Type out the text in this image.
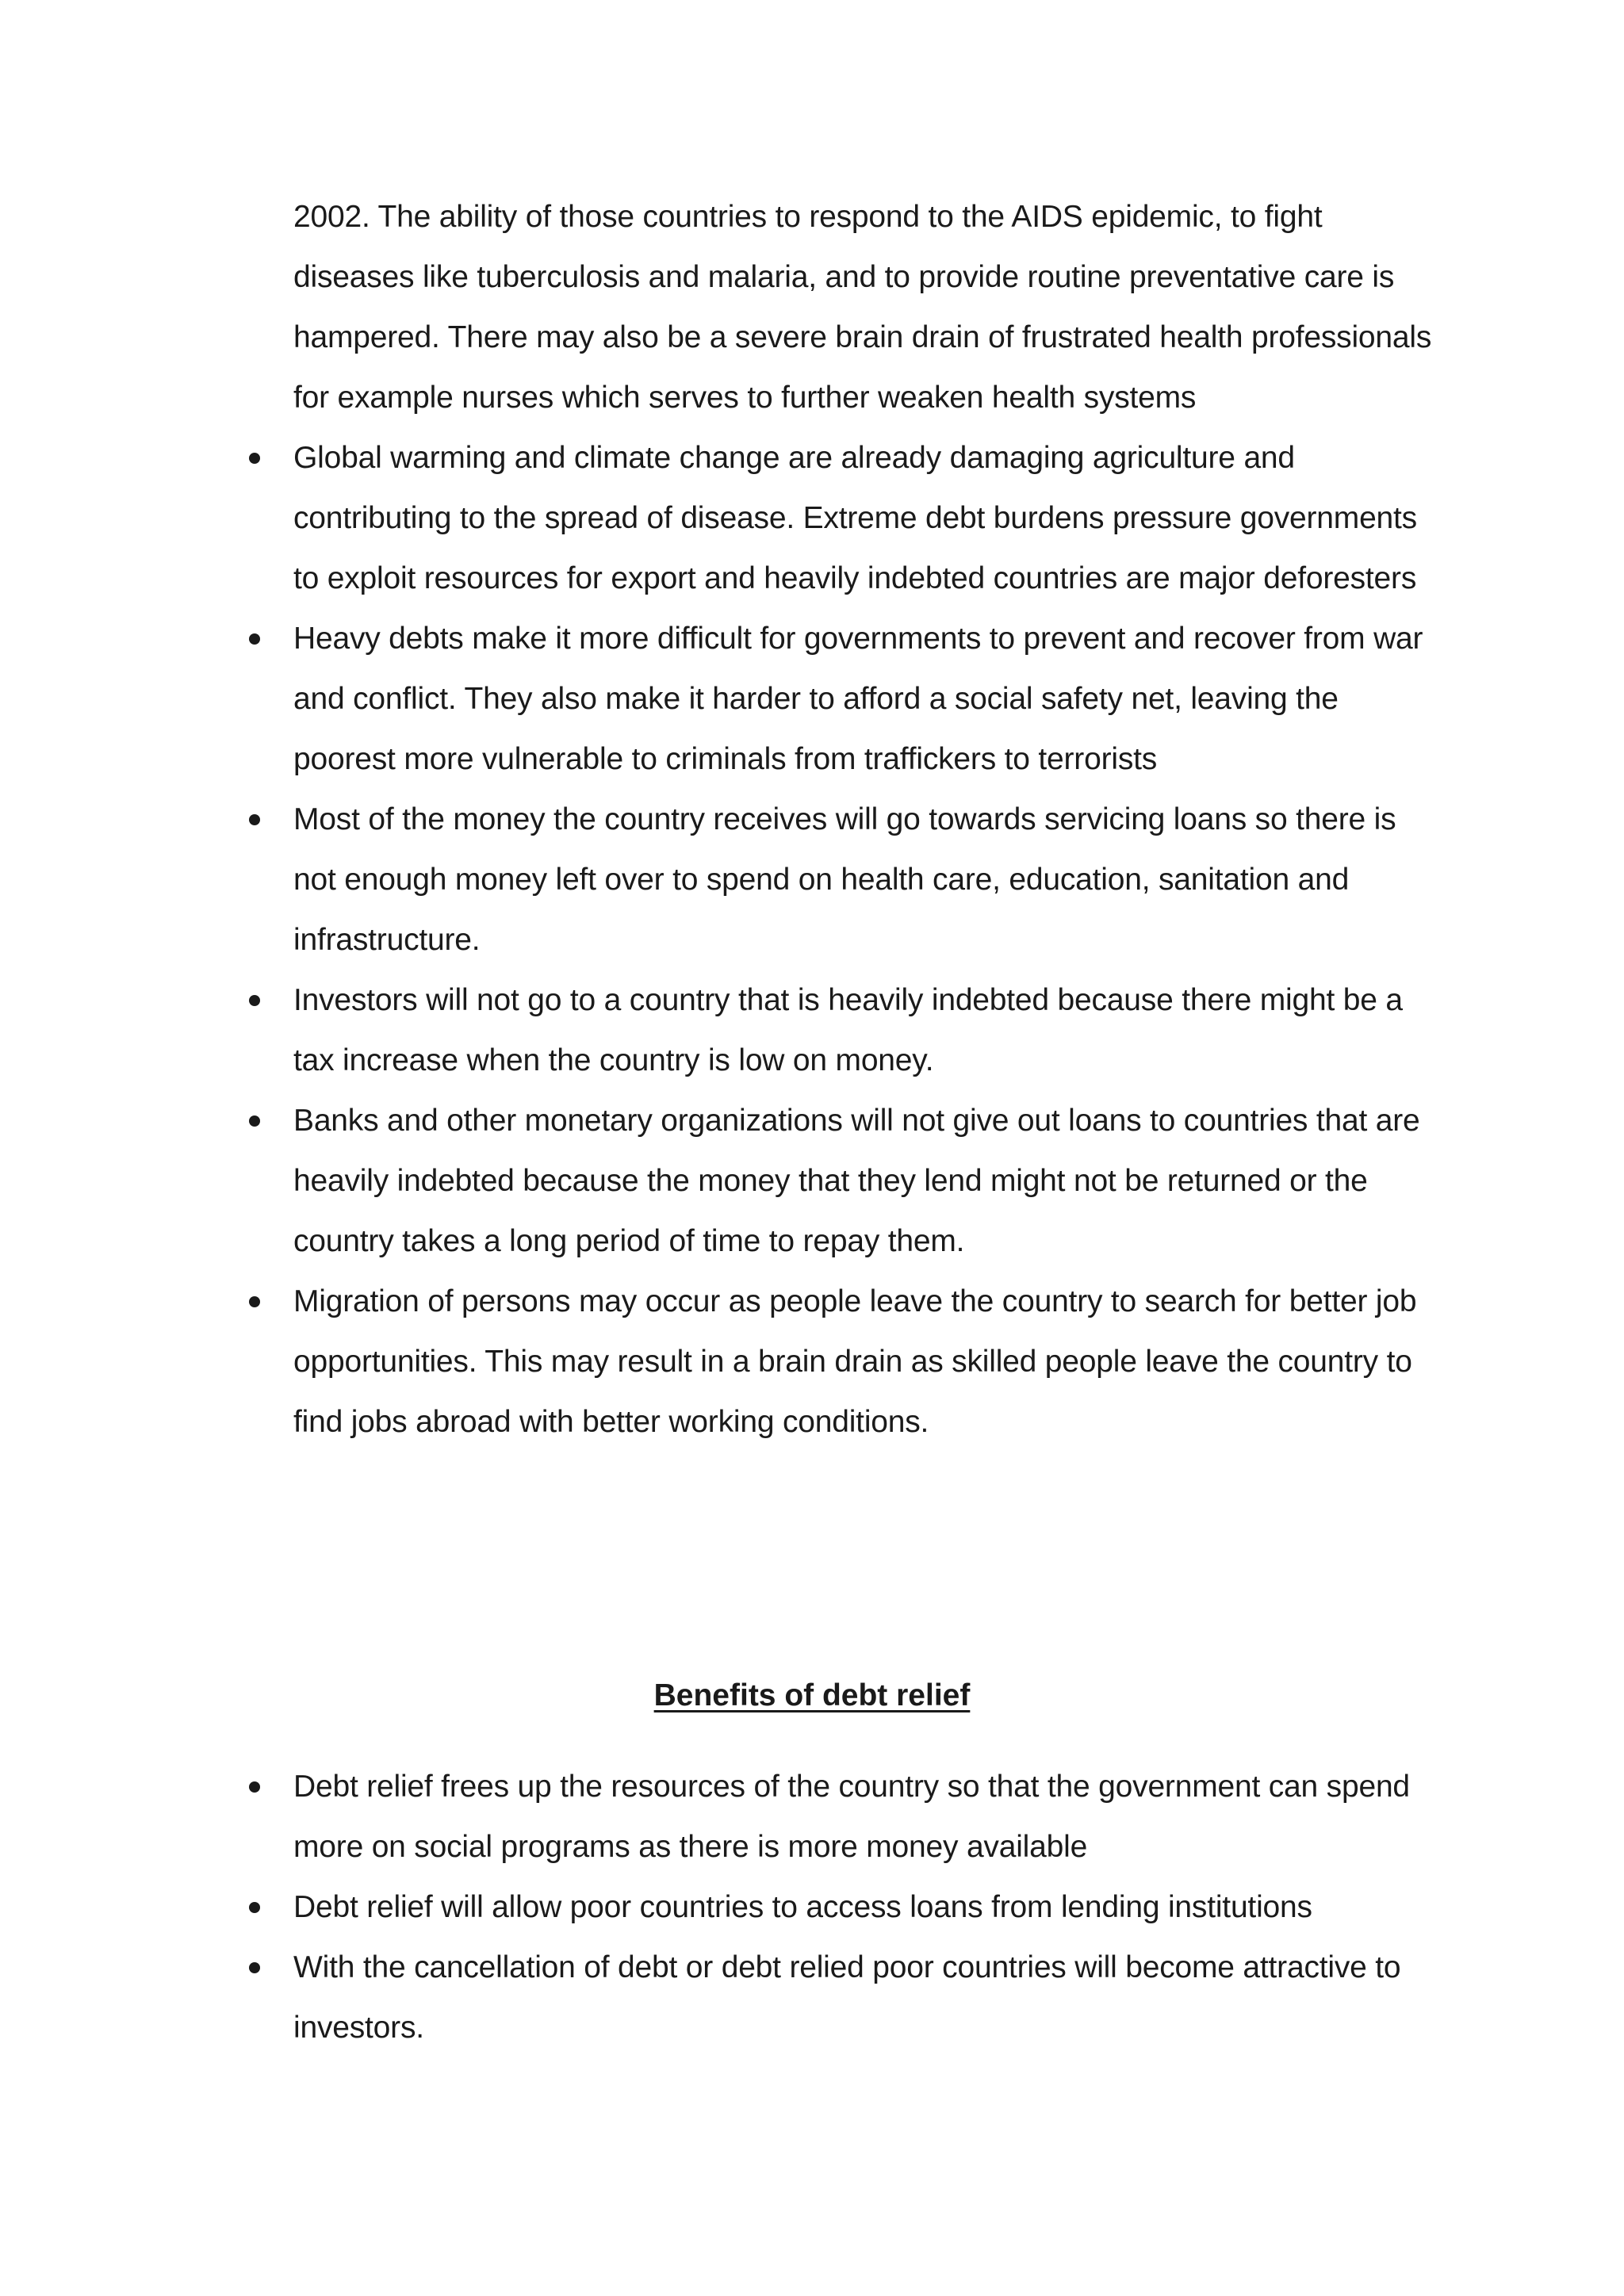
2002. The ability of those countries to respond to the AIDS epidemic, to fight diseases like tuberculosis and malaria, and to provide routine preventative care is hampered. There may also be a severe brain drain of frustrated health professionals for example nurses which serves to further weaken health systems

Global warming and climate change are already damaging agriculture and contributing to the spread of disease. Extreme debt burdens pressure governments to exploit resources for export and heavily indebted countries are major deforesters
Heavy debts make it more difficult for governments to prevent and recover from war and conflict. They also make it harder to afford a social safety net, leaving the poorest more vulnerable to criminals from traffickers to terrorists
Most of the money the country receives will go towards servicing loans so there is not enough money left over to spend on health care, education, sanitation and infrastructure.
Investors will not go to a country that is heavily indebted because there might be a tax increase when the country is low on money.
Banks and other monetary organizations will not give out loans to countries that are heavily indebted because the money that they lend might not be returned or the country takes a long period of time to repay them.
Migration of persons may occur as people leave the country to search for better job opportunities. This may result in a brain drain as skilled people leave the country to find jobs abroad with better working conditions.
Benefits of debt relief
Debt relief frees up the resources of the country so that the government can spend more on social programs as there is more money available
Debt relief will allow poor countries to access loans from lending institutions
With the cancellation of debt or debt relied poor countries will become attractive to investors.
